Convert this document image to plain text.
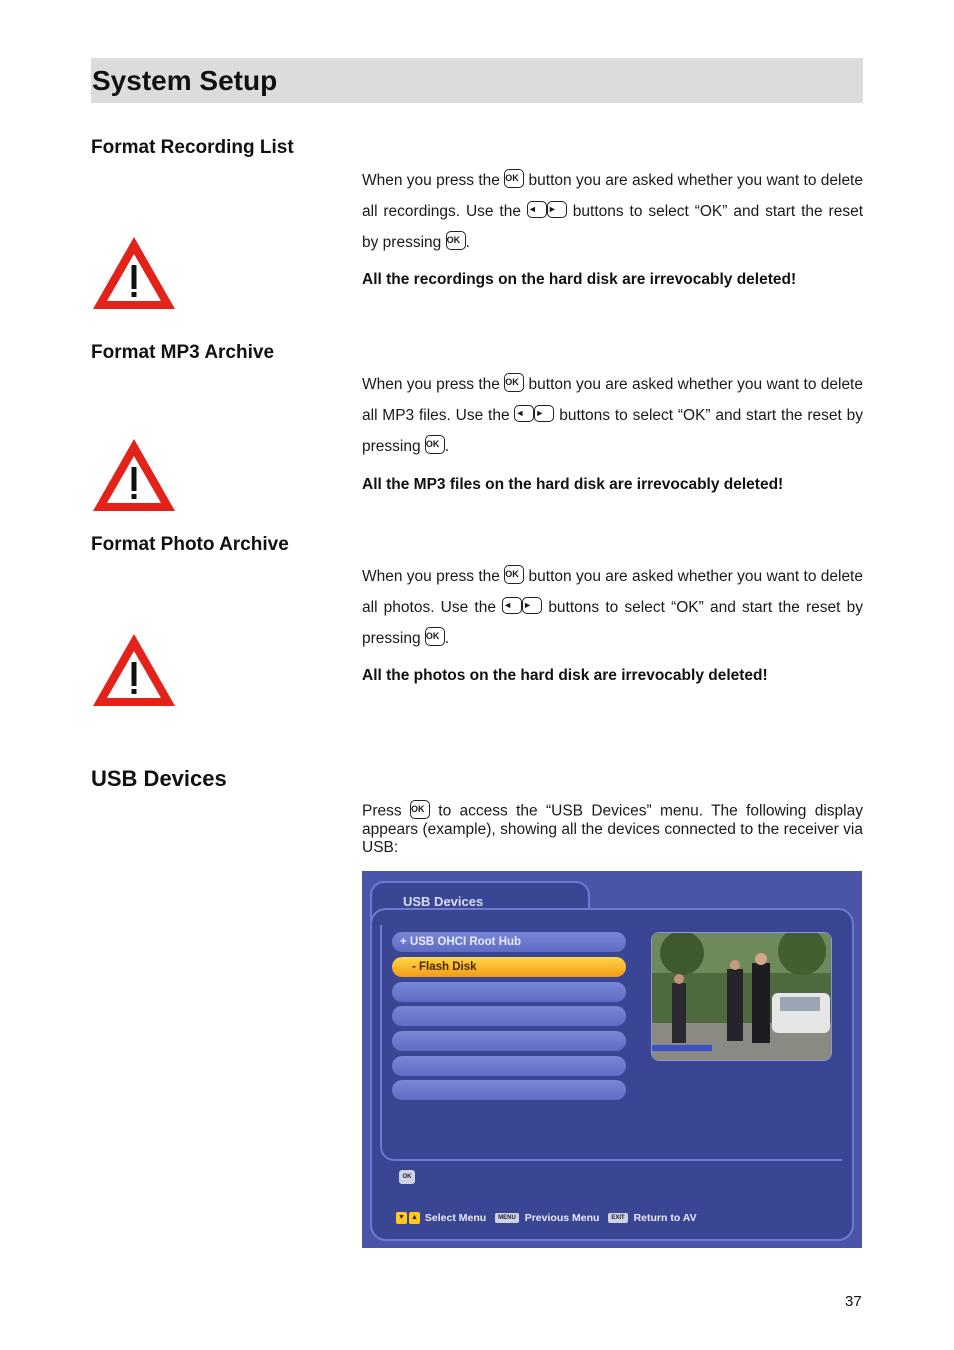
System Setup
Format Recording List
When you press the OK button you are asked whether you want to delete all recordings. Use the ◄ ► buttons to select “OK” and start the reset by pressing OK .
All the recordings on the hard disk are irrevocably deleted!
Format MP3 Archive
When you press the OK button you are asked whether you want to delete all MP3 files. Use the ◄ ► buttons to select “OK” and start the reset by pressing OK .
All the MP3 files on the hard disk are irrevocably deleted!
Format Photo Archive
When you press the OK button you are asked whether you want to delete all photos. Use the ◄ ► buttons to select “OK” and start the reset by pressing OK .
All the photos on the hard disk are irrevocably deleted!
USB Devices
Press OK to access the “USB Devices” menu. The following display appears (example), showing all the devices connected to the receiver via USB:
USB Devices
+ USB OHCI Root Hub
- Flash Disk
OK
▼ ▲ Select Menu MENU Previous Menu EXIT Return to AV
37
